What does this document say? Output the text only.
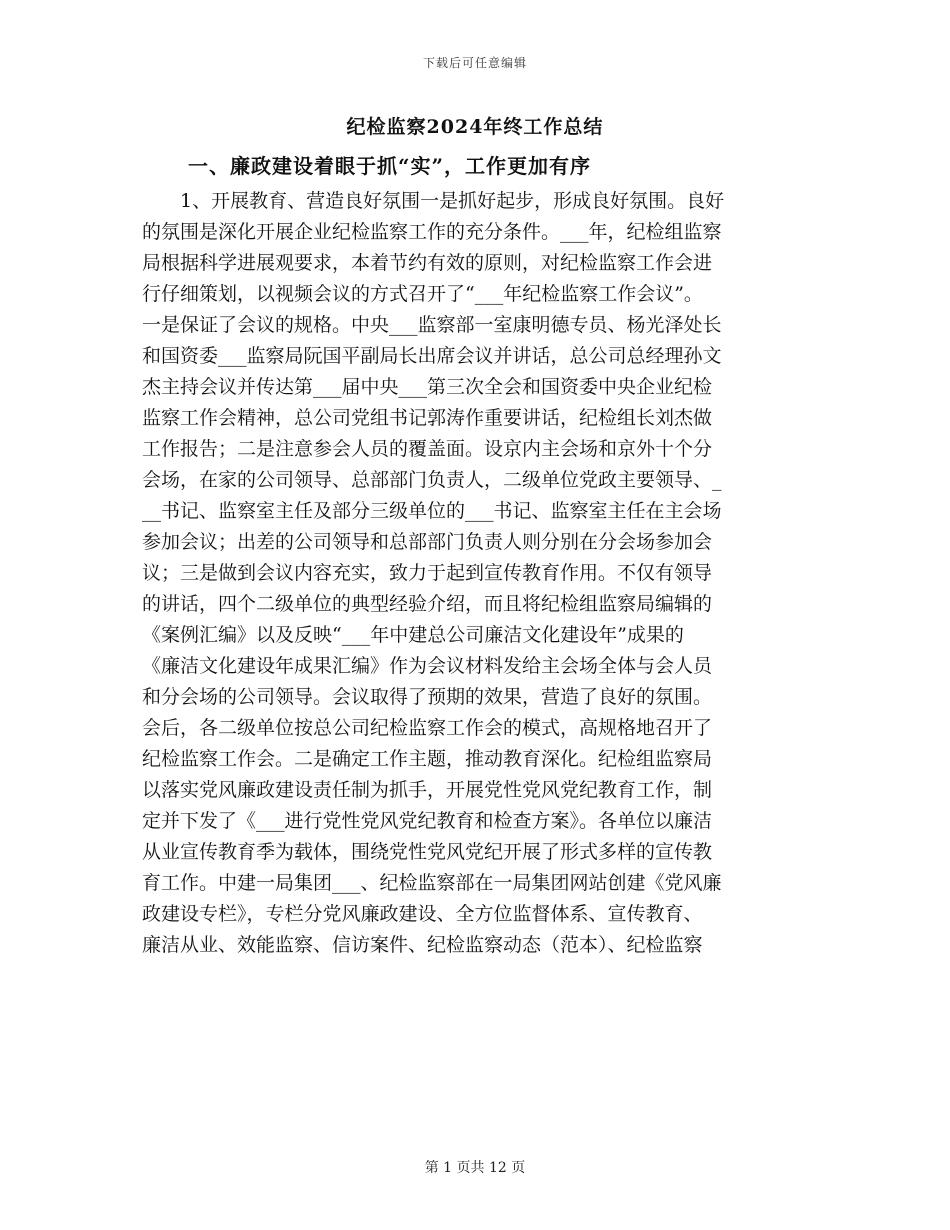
下载后可任意编辑
纪检监察2024年终工作总结
一、廉政建设着眼于抓“实”，工作更加有序
　　1、开展教育、营造良好氛围一是抓好起步，形成良好氛围。良好
的氛围是深化开展企业纪检监察工作的充分条件。___年，纪检组监察
局根据科学进展观要求，本着节约有效的原则，对纪检监察工作会进
行仔细策划，以视频会议的方式召开了“___年纪检监察工作会议”。
一是保证了会议的规格。中央___监察部一室康明德专员、杨光泽处长
和国资委___监察局阮国平副局长出席会议并讲话，总公司总经理孙文
杰主持会议并传达第___届中央___第三次全会和国资委中央企业纪检
监察工作会精神，总公司党组书记郭涛作重要讲话，纪检组长刘杰做
工作报告；二是注意参会人员的覆盖面。设京内主会场和京外十个分
会场，在家的公司领导、总部部门负责人，二级单位党政主要领导、_
__书记、监察室主任及部分三级单位的___书记、监察室主任在主会场
参加会议；出差的公司领导和总部部门负责人则分别在分会场参加会
议；三是做到会议内容充实，致力于起到宣传教育作用。不仅有领导
的讲话，四个二级单位的典型经验介绍，而且将纪检组监察局编辑的
《案例汇编》以及反映“___年中建总公司廉洁文化建设年”成果的
《廉洁文化建设年成果汇编》作为会议材料发给主会场全体与会人员
和分会场的公司领导。会议取得了预期的效果，营造了良好的氛围。
会后，各二级单位按总公司纪检监察工作会的模式，高规格地召开了
纪检监察工作会。二是确定工作主题，推动教育深化。纪检组监察局
以落实党风廉政建设责任制为抓手，开展党性党风党纪教育工作，制
定并下发了《___进行党性党风党纪教育和检查方案》。各单位以廉洁
从业宣传教育季为载体，围绕党性党风党纪开展了形式多样的宣传教
育工作。中建一局集团___、纪检监察部在一局集团网站创建《党风廉
政建设专栏》，专栏分党风廉政建设、全方位监督体系、宣传教育、
廉洁从业、效能监察、信访案件、纪检监察动态（范本）、纪检监察
第 1 页共 12 页
